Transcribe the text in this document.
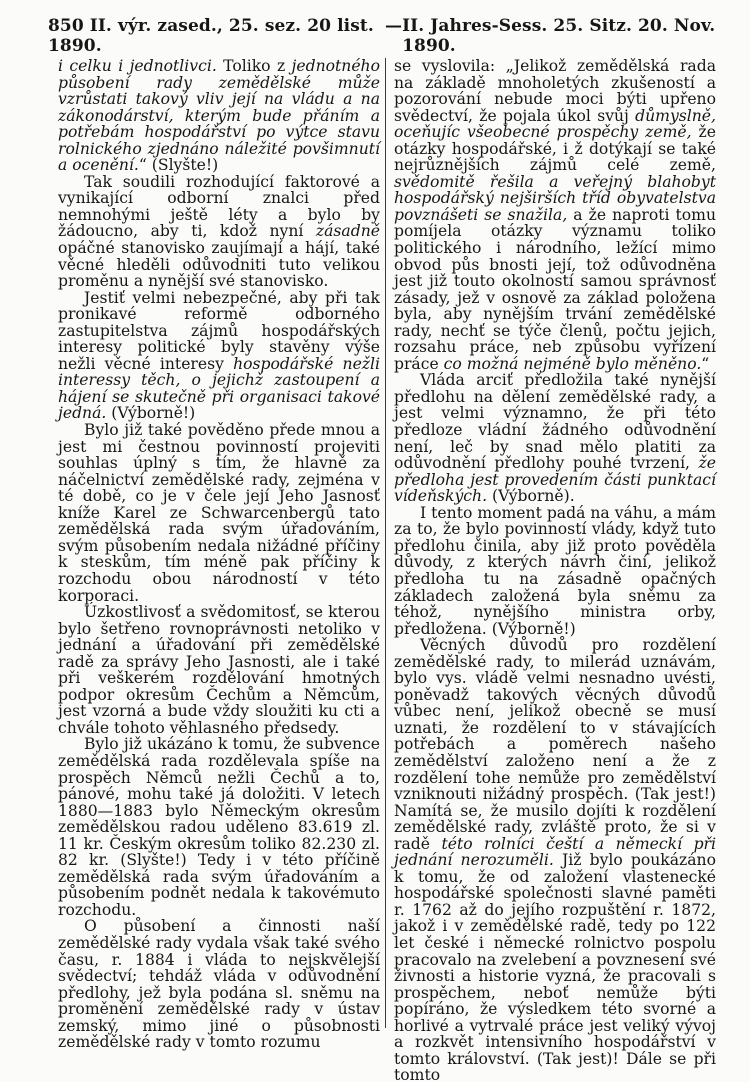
850 II. výr. zased., 25. sez. 20 list. 1890.
— II. Jahres-Sess. 25. Sitz. 20. Nov. 1890.

i celku i jednotlivci. Toliko z jednotného působení rady zemědělské může vzrůstati takový vliv její na vládu a na zákonodárství, kterým bude přáním a potřebám hospodářství po výtce stavu rolnického zjednáno náležité povšimnutí a ocenění.“ (Slyšte!)

Tak soudili rozhodující faktorové a vynikající odborní znalci před nemnohými ještě léty a bylo by žádoucno, aby ti, kdož nyní zásadně opáčné stanovisko zaujímají a hájí, také věcné hleděli odůvodniti tuto velikou proměnu a nynější své stanovisko.

Jestiť velmi nebezpečné, aby při tak pronikavé reformě odborného zastupitelstva zájmů hospodářských interesy politické byly stavěny výše nežli věcné interesy hospodářské nežli interessy těch, o jejichž zastoupení a hájení se skutečně při organisaci takové jedná. (Výborně!)

Bylo již také pověděno přede mnou a jest mi čestnou povinností projeviti souhlas úplný s tím, že hlavně za náčelnictví zemědělské rady, zejména v té době, co je v čele její Jeho Jasnosť kníže Karel ze Schwarcenbergů tato zemědělská rada svým úřadováním, svým působením nedala nižádné příčiny k steskům, tím méně pak příčiny k rozchodu obou národností v této korporaci.

Úzkostlivosť a svědomitosť, se kterou bylo šetřeno rovnoprávnosti netoliko v jednání a úřadování při zemědělské radě za správy Jeho Jasnosti, ale i také při veškerém rozdělování hmotných podpor okresům Čechům a Němcům, jest vzorná a bude vždy sloužiti ku cti a chvále tohoto věhlasného předsedy.

Bylo již ukázáno k tomu, že subvence zemědělská rada rozdělevala spíše na prospěch Němců nežli Čechů a to, pánové, mohu také já doložiti. V letech 1880—1883 bylo Německým okresům zemědělskou radou uděleno 83.619 zl. 11 kr. Českým okresům toliko 82.230 zl. 82 kr. (Slyšte!) Tedy i v této příčině zemědělská rada svým úřadováním a působením podnět nedala k takovémuto rozchodu.

O působení a činnosti naší zemědělské rady vydala však také svého času, r. 1884 i vláda to nejskvělejší svědectví; tehdáž vláda v odůvodnění předlohy, jež byla podána sl. sněmu na proměnění zemědělské rady v ústav zemský, mimo jiné o působnosti zemědělské rady v tomto rozumu

se vyslovila: „Jelikož zemědělská rada na základě mnoholetých zkušeností a pozorování nebude moci býti upřeno svědectví, že pojala úkol svůj důmyslně, oceňujíc všeobecné prospěchy země, že otázky hospodářské, i ž dotýkají se také nejrůznějších zájmů celé země, svědomitě řešila a veřejný blahobyt hospodářský nejširších tříd obyvatelstva povznášeti se snažila, a že naproti tomu pomíjela otázky významu toliko politického i národního, ležící mimo obvod půs bnosti její, tož odůvodněna jest již touto okolností samou správnosť zásady, jež v osnově za základ položena byla, aby nynějším trvání zemědělské rady, nechť se týče členů, počtu jejich, rozsahu práce, neb způsobu vyřízení práce co možná nejméně bylo měněno.“

Vláda arciť předložila také nynější předlohu na dělení zemědělské rady, a jest velmi významno, že při této předloze vládní žádného odůvodnění není, leč by snad mělo platiti za odůvodnění předlohy pouhé tvrzení, že předloha jest provedením části punktací vídeňských. (Výborně).

I tento moment padá na váhu, a mám za to, že bylo povinností vlády, když tuto předlohu činila, aby již proto pověděla důvody, z kterých návrh činí, jelikož předloha tu na zásadně opačných základech založená byla sněmu za téhož, nynějšího ministra orby, předložena. (Výborně!)

Věcných důvodů pro rozdělení zemědělské rady, to milerád uznávám, bylo vys. vládě velmi nesnadno uvésti, poněvadž takových věcných důvodů vůbec není, jelikož obecně se musí uznati, že rozdělení to v stávajících potřebách a poměrech našeho zemědělství založeno není a že z rozdělení tohe nemůže pro zemědělství vzniknouti nižádný prospěch. (Tak jest!) Namítá se, že musilo dojíti k rozdělení zemědělské rady, zvláště proto, že si v radě této rolníci čeští a německí při jednání nerozuměli. Již bylo poukázáno k tomu, že od založení vlastenecké hospodářské společnosti slavné paměti r. 1762 až do jejího rozpuštění r. 1872, jakož i v zemědělské radě, tedy po 122 let české i německé rolnictvo pospolu pracovalo na zvelebení a povznesení své živnosti a historie vyzná, že pracovali s prospěchem, neboť nemůže býti popíráno, že výsledkem této svorné a horlivé a vytrvalé práce jest veliký vývoj a rozkvět intensivního hospodářství v tomto království. (Tak jest)! Dále se při tomto
